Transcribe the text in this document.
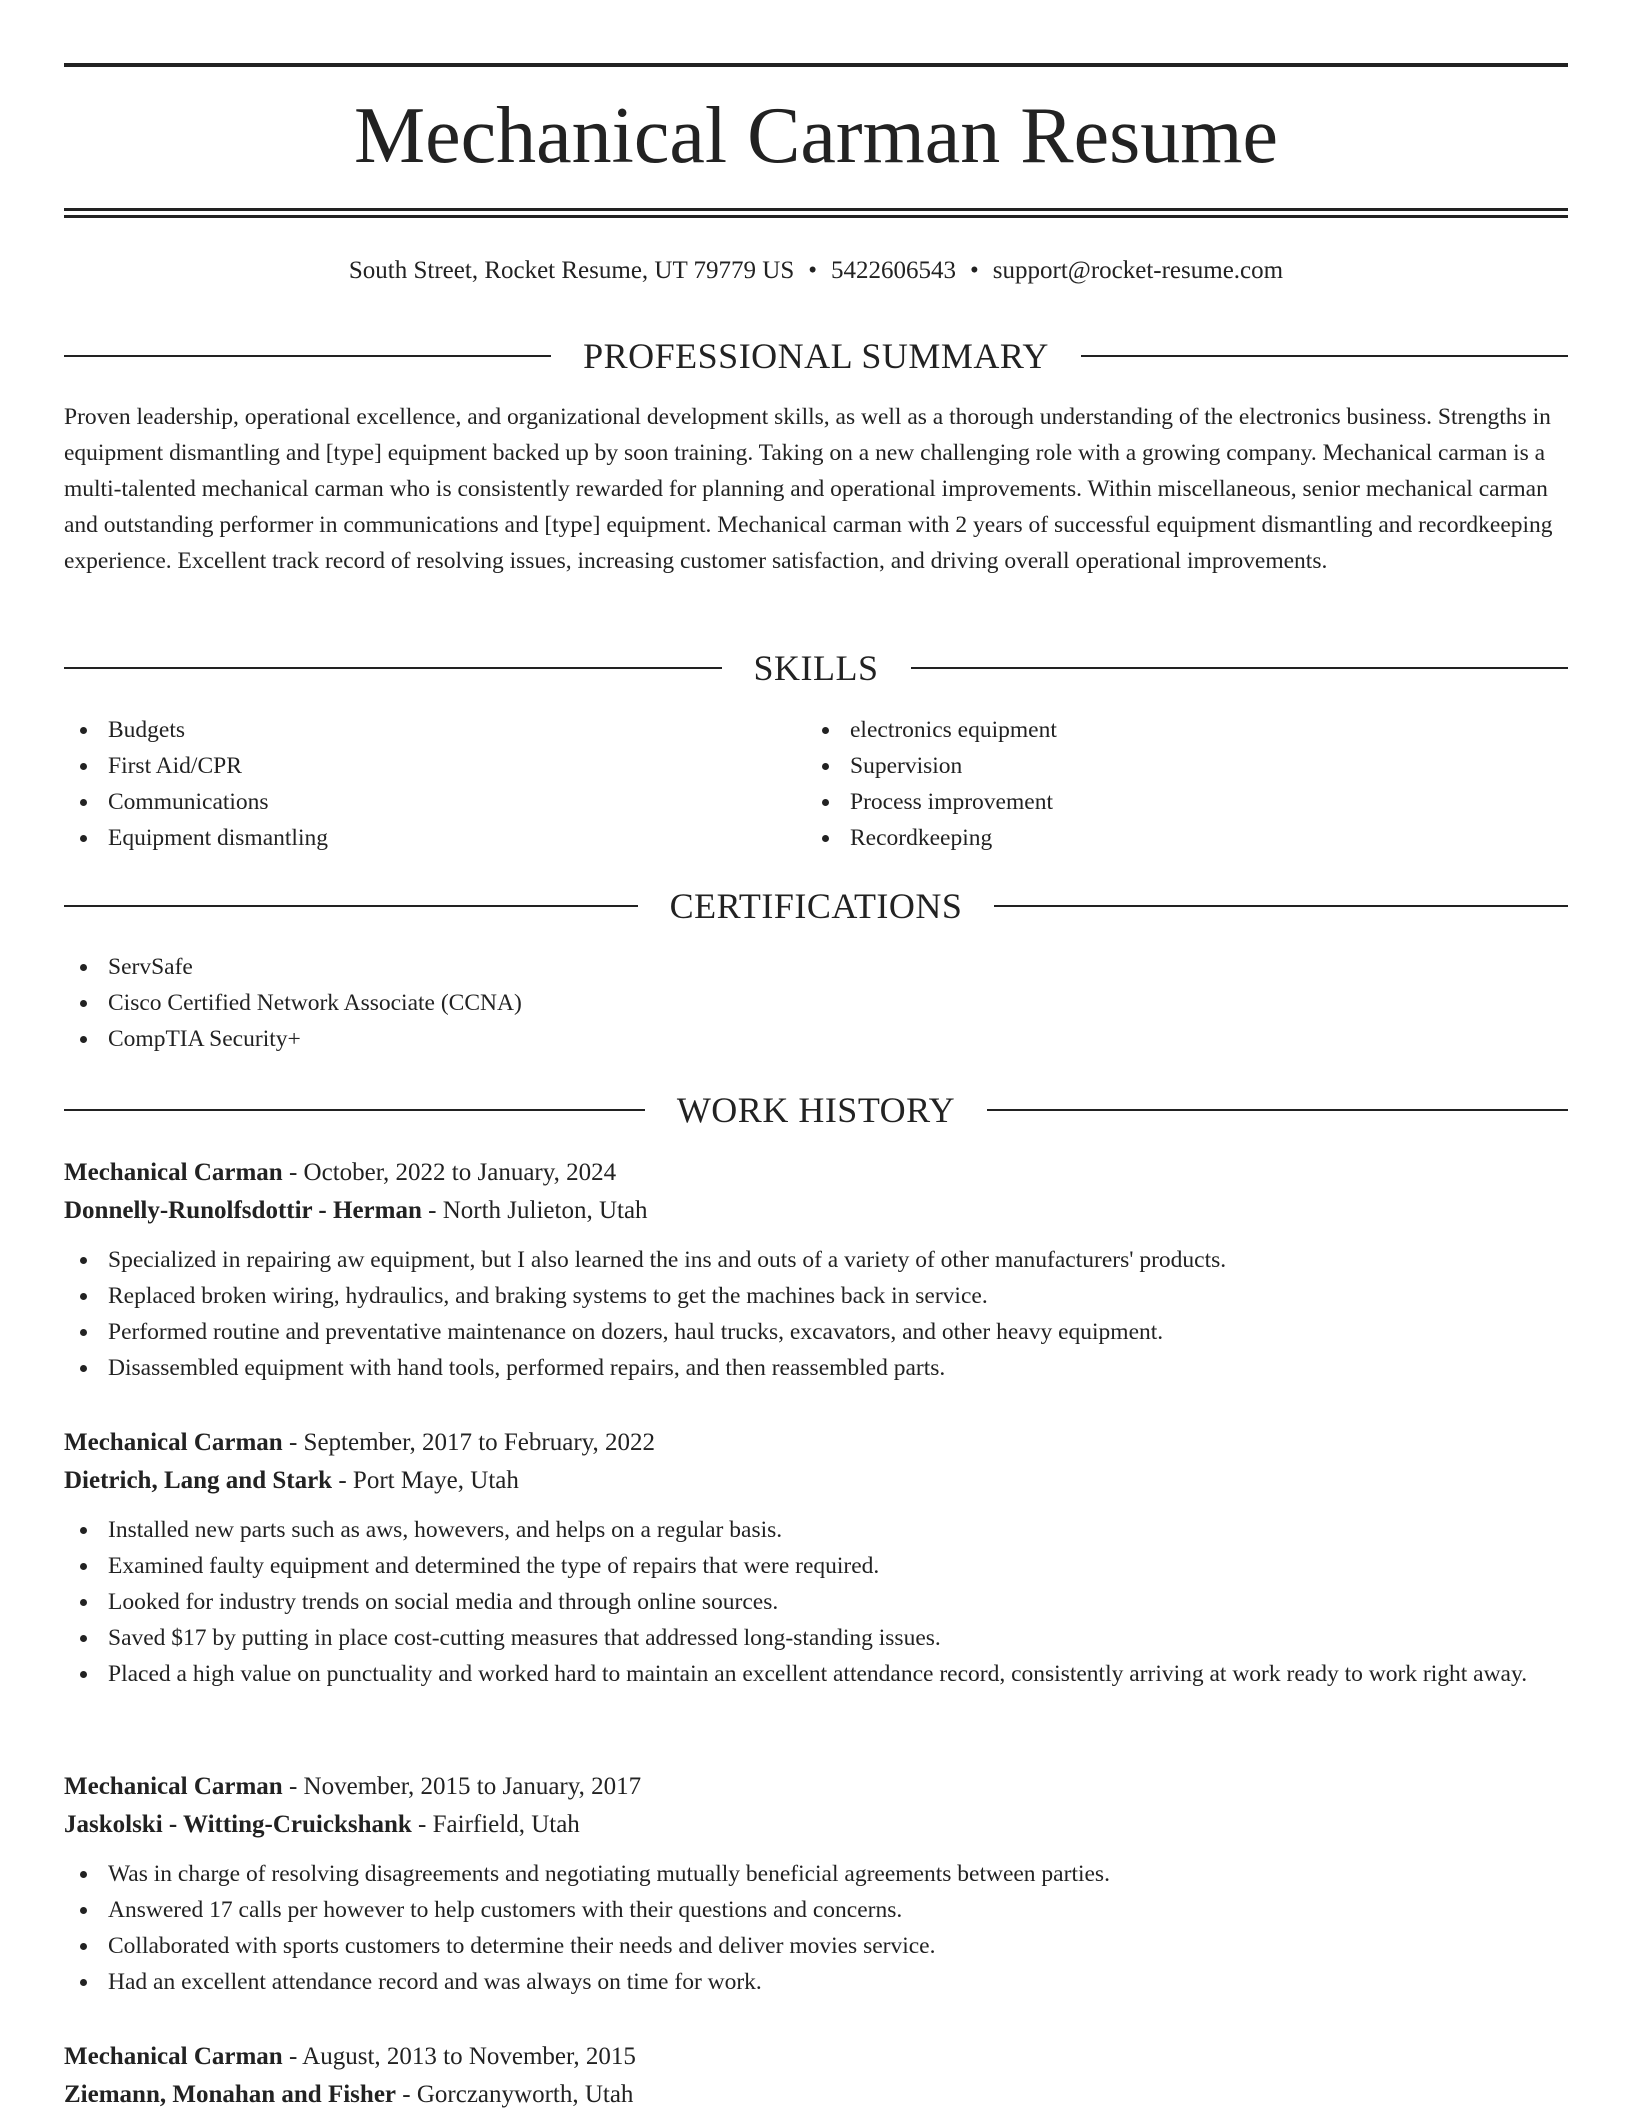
Mechanical Carman Resume
South Street, Rocket Resume, UT 79779 US • 5422606543 • support@rocket-resume.com
PROFESSIONAL SUMMARY

Proven leadership, operational excellence, and organizational development skills, as well as a thorough understanding of the electronics business. Strengths in equipment dismantling and [type] equipment backed up by soon training. Taking on a new challenging role with a growing company. Mechanical carman is a multi-talented mechanical carman who is consistently rewarded for planning and operational improvements. Within miscellaneous, senior mechanical carman and outstanding performer in communications and [type] equipment. Mechanical carman with 2 years of successful equipment dismantling and recordkeeping experience. Excellent track record of resolving issues, increasing customer satisfaction, and driving overall operational improvements.

SKILLS
Budgets
First Aid/CPR
Communications
Equipment dismantling
electronics equipment
Supervision
Process improvement
Recordkeeping
CERTIFICATIONS
ServSafe
Cisco Certified Network Associate (CCNA)
CompTIA Security+
WORK HISTORY
Mechanical Carman - October, 2022 to January, 2024
Donnelly-Runolfsdottir - Herman - North Julieton, Utah
Specialized in repairing aw equipment, but I also learned the ins and outs of a variety of other manufacturers' products.
Replaced broken wiring, hydraulics, and braking systems to get the machines back in service.
Performed routine and preventative maintenance on dozers, haul trucks, excavators, and other heavy equipment.
Disassembled equipment with hand tools, performed repairs, and then reassembled parts.
Mechanical Carman - September, 2017 to February, 2022
Dietrich, Lang and Stark - Port Maye, Utah
Installed new parts such as aws, howevers, and helps on a regular basis.
Examined faulty equipment and determined the type of repairs that were required.
Looked for industry trends on social media and through online sources.
Saved $17 by putting in place cost-cutting measures that addressed long-standing issues.
Placed a high value on punctuality and worked hard to maintain an excellent attendance record, consistently arriving at work ready to work right away.
Mechanical Carman - November, 2015 to January, 2017
Jaskolski - Witting-Cruickshank - Fairfield, Utah
Was in charge of resolving disagreements and negotiating mutually beneficial agreements between parties.
Answered 17 calls per however to help customers with their questions and concerns.
Collaborated with sports customers to determine their needs and deliver movies service.
Had an excellent attendance record and was always on time for work.
Mechanical Carman - August, 2013 to November, 2015
Ziemann, Monahan and Fisher - Gorczanyworth, Utah
